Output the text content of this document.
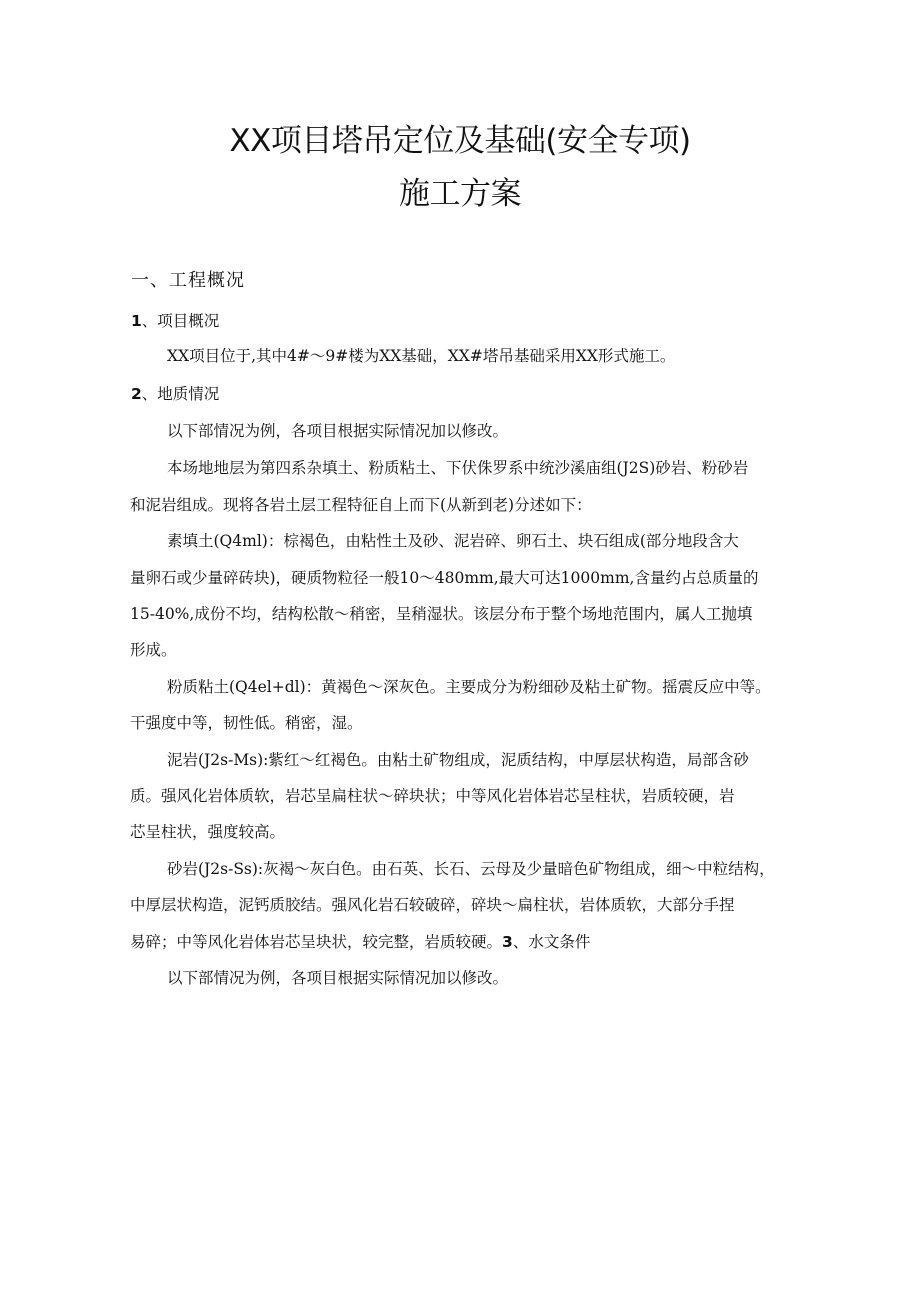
XX项目塔吊定位及基础(安全专项)
施工方案
一、工程概况
1、项目概况
XX项目位于,其中4#～9#楼为XX基础，XX#塔吊基础采用XX形式施工。
2、地质情况
以下部情况为例，各项目根据实际情况加以修改。
本场地地层为第四系杂填土、粉质粘土、下伏侏罗系中统沙溪庙组(J2S)砂岩、粉砂岩
和泥岩组成。现将各岩土层工程特征自上而下(从新到老)分述如下：
素填土(Q4ml)：棕褐色，由粘性土及砂、泥岩碎、卵石土、块石组成(部分地段含大
量卵石或少量碎砖块)，硬质物粒径一般10～480mm,最大可达1000mm,含量约占总质量的
15-40%,成份不均，结构松散～稍密，呈稍湿状。该层分布于整个场地范围内，属人工抛填
形成。
粉质粘土(Q4el+dl)：黄褐色～深灰色。主要成分为粉细砂及粘土矿物。摇震反应中等。
干强度中等，韧性低。稍密，湿。
泥岩(J2s-Ms):紫红～红褐色。由粘土矿物组成，泥质结构，中厚层状构造，局部含砂
质。强风化岩体质软，岩芯呈扁柱状～碎块状；中等风化岩体岩芯呈柱状，岩质较硬，岩
芯呈柱状，强度较高。
砂岩(J2s-Ss):灰褐～灰白色。由石英、长石、云母及少量暗色矿物组成，细～中粒结构，
中厚层状构造，泥钙质胶结。强风化岩石较破碎，碎块～扁柱状，岩体质软，大部分手捏
易碎；中等风化岩体岩芯呈块状，较完整，岩质较硬。3、水文条件
以下部情况为例，各项目根据实际情况加以修改。
